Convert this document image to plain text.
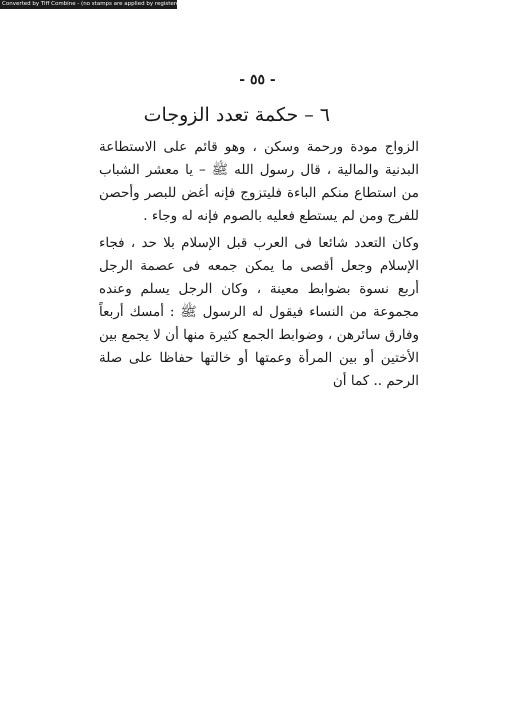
Converted by Tiff Combine - (no stamps are applied by registered version)
- ٥٥ -
٦ – حكمة تعدد الزوجات
الزواج مودة ورحمة وسكن ، وهو قائم على الاستطاعة البدنية والمالية ، قال رسول الله ﷺ – يا معشر الشباب من استطاع منكم الباءة فليتزوج فإنه أغض للبصر وأحصن للفرج ومن لم يستطع فعليه بالصوم فإنه له وجاء .
وكان التعدد شائعا فى العرب قبل الإسلام بلا حد ، فجاء الإسلام وجعل أقصى ما يمكن جمعه فى عصمة الرجل أربع نسوة بضوابط معينة ، وكان الرجل يسلم وعنده مجموعة من النساء فيقول له الرسول ﷺ : أمسك أربعاً وفارق سائرهن ، وضوابط الجمع كثيرة منها أن لا يجمع بين الأختين أو بين المرأة وعمتها أو خالتها حفاظا على صلة الرحم .. كما أن
